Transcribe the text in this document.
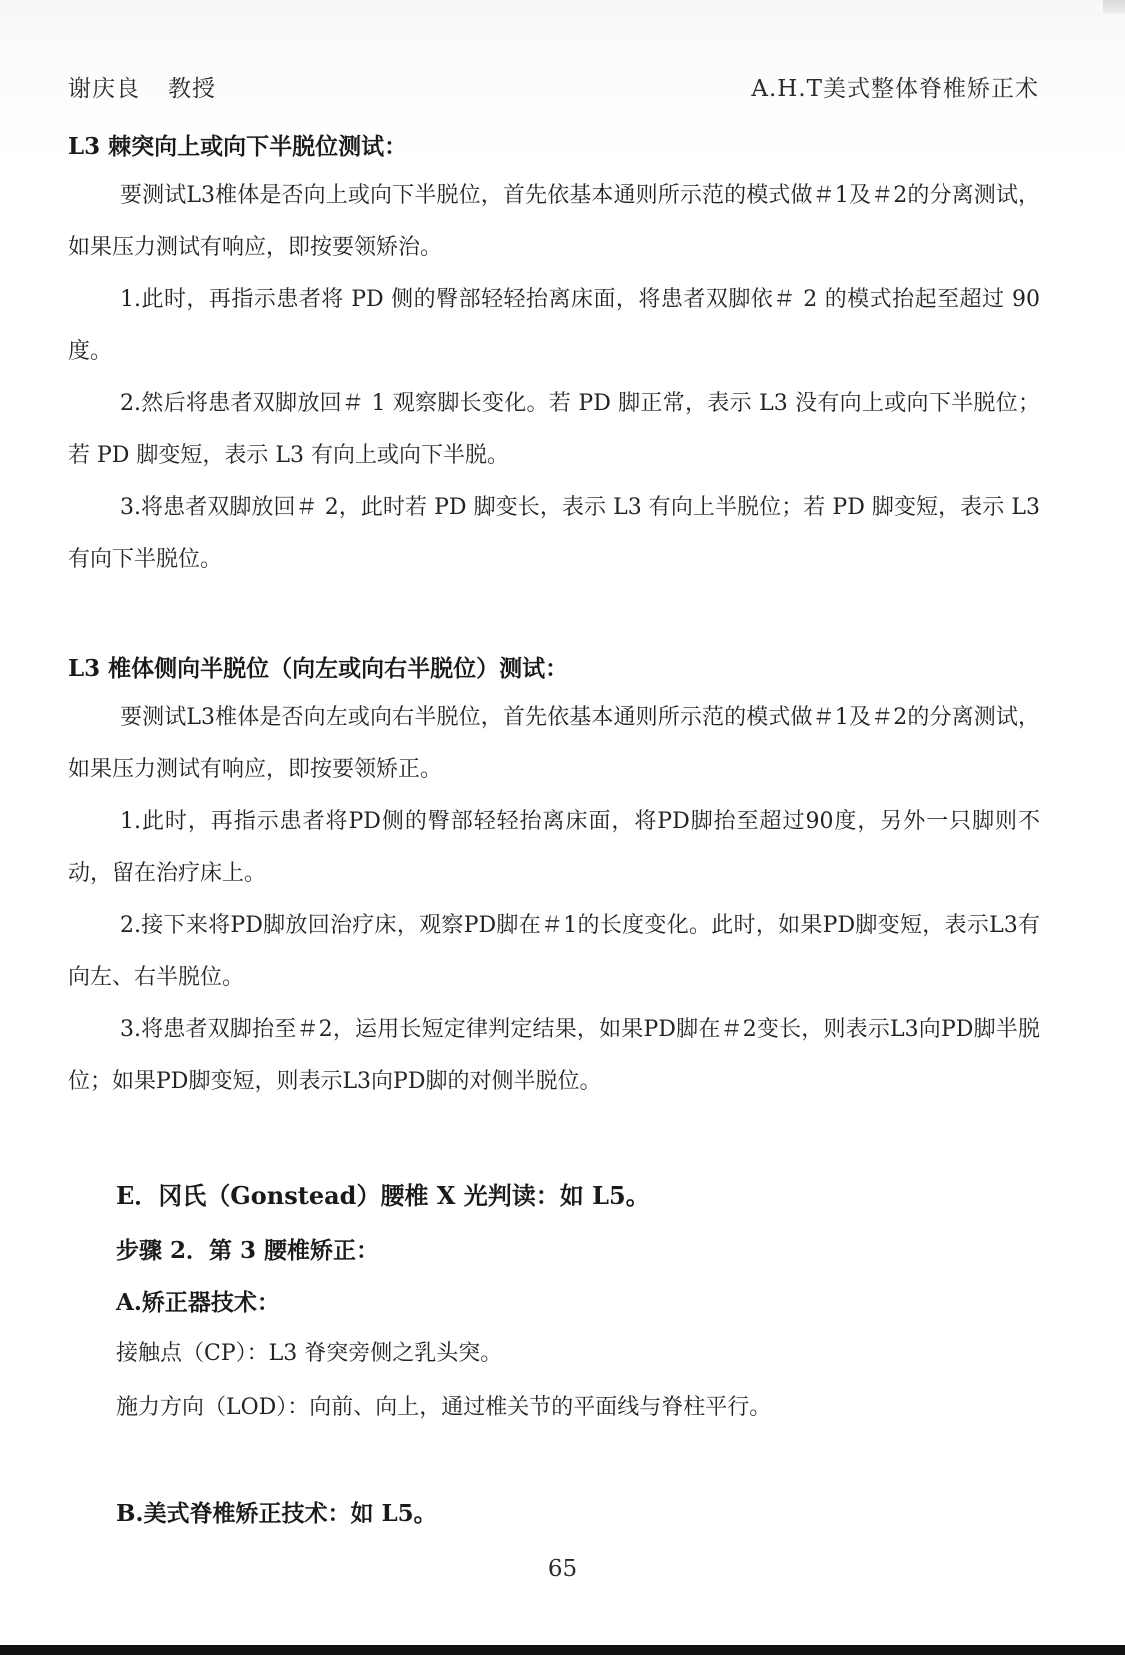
谢庆良 教授	A.H.T美式整体脊椎矫正术
L3 棘突向上或向下半脱位测试：
要测试L3椎体是否向上或向下半脱位，首先依基本通则所示范的模式做＃1及＃2的分离测试，如果压力测试有响应，即按要领矫治。
1.此时，再指示患者将 PD 侧的臀部轻轻抬离床面，将患者双脚依＃ 2 的模式抬起至超过 90 度。
2.然后将患者双脚放回＃ 1 观察脚长变化。若 PD 脚正常，表示 L3 没有向上或向下半脱位；若 PD 脚变短，表示 L3 有向上或向下半脱。
3.将患者双脚放回＃ 2，此时若 PD 脚变长，表示 L3 有向上半脱位；若 PD 脚变短，表示 L3 有向下半脱位。
L3 椎体侧向半脱位（向左或向右半脱位）测试：
要测试L3椎体是否向左或向右半脱位，首先依基本通则所示范的模式做＃1及＃2的分离测试，如果压力测试有响应，即按要领矫正。
1.此时，再指示患者将PD侧的臀部轻轻抬离床面，将PD脚抬至超过90度，另外一只脚则不动，留在治疗床上。
2.接下来将PD脚放回治疗床，观察PD脚在＃1的长度变化。此时，如果PD脚变短，表示L3有向左、右半脱位。
3.将患者双脚抬至＃2，运用长短定律判定结果，如果PD脚在＃2变长，则表示L3向PD脚半脱位；如果PD脚变短，则表示L3向PD脚的对侧半脱位。
E．冈氏（Gonstead）腰椎 X 光判读：如 L5。
步骤 2．第 3 腰椎矫正：
A.矫正器技术：
接触点（CP）：L3 脊突旁侧之乳头突。
施力方向（LOD）：向前、向上，通过椎关节的平面线与脊柱平行。
B.美式脊椎矫正技术：如 L5。
65
